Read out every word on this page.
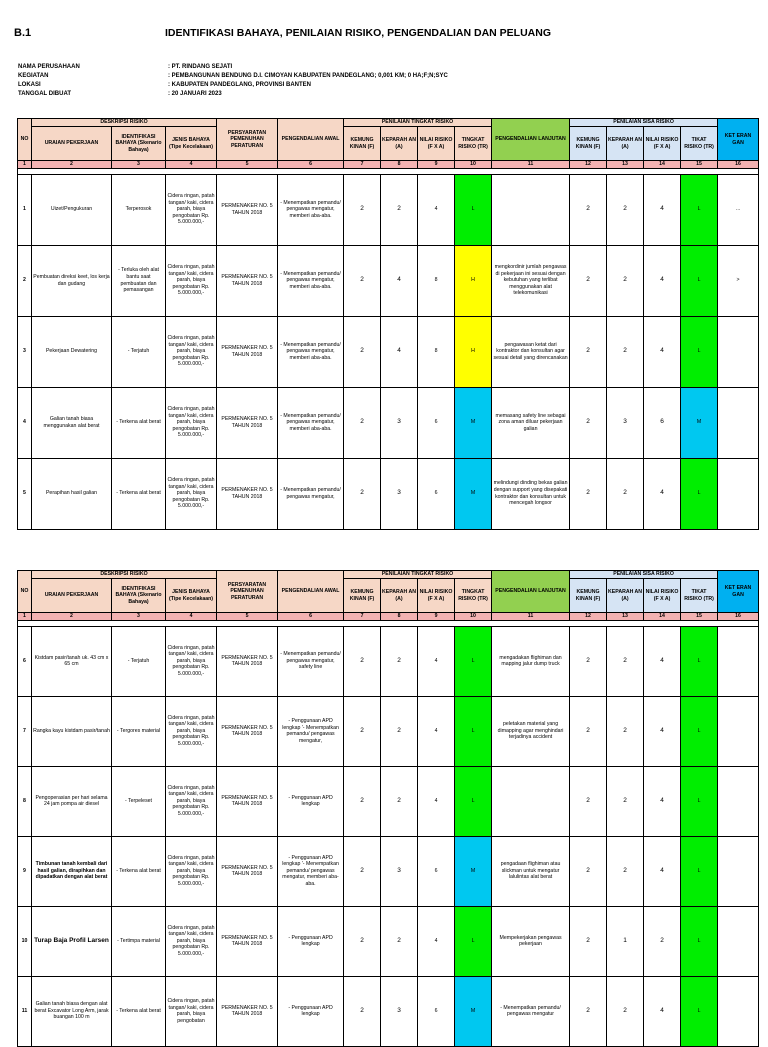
B.1	IDENTIFIKASI BAHAYA, PENILAIAN RISIKO, PENGENDALIAN DAN PELUANG
NAMA PERUSAHAAN	: PT. RINDANG SEJATI
KEGIATAN	: PEMBANGUNAN BENDUNG D.I. CIMOYAN KABUPATEN PANDEGLANG; 0,001 KM; 0 HA;F;N;SYC
LOKASI	: KABUPATEN PANDEGLANG, PROVINSI BANTEN
TANGGAL DIBUAT	: 20 JANUARI 2023
NO	DESKRIPSI RISIKO			PERSYARATAN PEMENUHAN PERATURAN	PENGENDALIAN AWAL	PENILAIAN TINGKAT RISIKO				PENGENDALIAN LANJUTAN	PENILAIAN SISA RISIKO				KET ERAN GAN
	URAIAN PEKERJAAN	IDENTIFIKASI BAHAYA (Skenario Bahaya)	JENIS BAHAYA (Tipe Kecelakaan)			KEMUNG KINAN (F)	KEPARAH AN (A)	NILAI RISIKO (F X A)	TINGKAT RISIKO (TR)		KEMUNG KINAN (F)	KEPARAH AN (A)	NILAI RISIKO (F X A)	TIKAT RISIKO (TR)	
1	2	3	4	5	6	7	8	9	10	11	12	13	14	15	16

1	Uizet/Pengukuran	Terperosok	Cidera ringan, patah tangan/ kaki, cidera parah, biaya pengobatan Rp. 5.000.000,-	PERMENAKER NO. 5 TAHUN 2018	- Menempatkan pemandu/ pengawas mengatur, memberi aba-aba.	2	2	4	L		2	2	4	L	...
2	Pembuatan direksi keet, los kerja dan gudang	- Terluka oleh alat bantu saat pembuatan dan pemasangan	Cidera ringan, patah tangan/ kaki, cidera parah, biaya pengobatan Rp. 5.000.000,-	PERMENAKER NO. 5 TAHUN 2018	- Menempatkan pemandu/ pengawas mengatur, memberi aba-aba.	2	4	8	H	mengkordinir jumlah pengawas di pekerjaan ini sesuai dengan kebutuhan yang terlibat menggunakan alat telekomunikasi	2	2	4	L	>
3	Pekerjaan Dewatering	- Terjatuh	Cidera ringan, patah tangan/ kaki, cidera parah, biaya pengobatan Rp. 5.000.000,-	PERMENAKER NO. 5 TAHUN 2018	- Menempatkan pemandu/ pengawas mengatur, memberi aba-aba.	2	4	8	H	pengawasan ketat dari kontraktor dan konsultan agar sesuai detail yang direncanakan	2	2	4	L	
4	Galian tanah biasa menggunakan alat berat	- Terkena alat berat	Cidera ringan, patah tangan/ kaki, cidera parah, biaya pengobatan Rp. 5.000.000,-	PERMENAKER NO. 5 TAHUN 2018	- Menempatkan pemandu/ pengawas mengatur, memberi aba-aba.	2	3	6	M	memasang safety line sebagai zona aman diluar pekerjaan galian	2	3	6	M	
5	Perapihan hasil galian	- Terkena alat berat	Cidera ringan, patah tangan/ kaki, cidera parah, biaya pengobatan Rp. 5.000.000,-	PERMENAKER NO. 5 TAHUN 2018	- Menempatkan pemandu/ pengawas mengatur,	2	3	6	M	melindungi dinding bekas galian dengan support yang disepakati kontraktor dan konsultan untuk mencegah longsor	2	2	4	L	
NO	DESKRIPSI RISIKO			PERSYARATAN PEMENUHAN PERATURAN	PENGENDALIAN AWAL	PENILAIAN TINGKAT RISIKO				PENGENDALIAN LANJUTAN	PENILAIAN SISA RISIKO				KET ERAN GAN
	URAIAN PEKERJAAN	IDENTIFIKASI BAHAYA (Skenario Bahaya)	JENIS BAHAYA (Tipe Kecelakaan)			KEMUNG KINAN (F)	KEPARAH AN (A)	NILAI RISIKO (F X A)	TINGKAT RISIKO (TR)		KEMUNG KINAN (F)	KEPARAH AN (A)	NILAI RISIKO (F X A)	TIKAT RISIKO (TR)	
1	2	3	4	5	6	7	8	9	10	11	12	13	14	15	16

6	Kistdam pasir/tanah uk. 43 cm x 65 cm	- Terjatuh	Cidera ringan, patah tangan/ kaki, cidera parah, biaya pengobatan Rp. 5.000.000,-	PERMENAKER NO. 5 TAHUN 2018	- Menempatkan pemandu/ pengawas mengatur, safety line	2	2	4	L	mengadakan flighiman dan mapping jalur dump truck	2	2	4	L	
7	Rangka kayu kistdam pasir/tanah	- Tergores material	Cidera ringan, patah tangan/ kaki, cidera parah, biaya pengobatan Rp. 5.000.000,-	PERMENAKER NO. 5 TAHUN 2018	- Penggunaan APD lengkap '- Menempatkan pemandu/ pengawas mengatur,	2	2	4	L	peletakan material yang dimapping agar menghindari terjadinya accident	2	2	4	L	
8	Pengoperasian per hari selama 24 jam pompa air diesel	- Terpeleset	Cidera ringan, patah tangan/ kaki, cidera parah, biaya pengobatan Rp. 5.000.000,-	PERMENAKER NO. 5 TAHUN 2018	- Penggunaan APD lengkap	2	2	4	L		2	2	4	L	
9	Timbunan tanah kembali dari hasil galian, dirapihkan dan dipadatkan dengan alat berat	- Terkena alat berat	Cidera ringan, patah tangan/ kaki, cidera parah, biaya pengobatan Rp. 5.000.000,-	PERMENAKER NO. 5 TAHUN 2018	- Penggunaan APD lengkap '- Menempatkan pemandu/ pengawas mengatur, memberi aba-aba.	2	3	6	M	pengadaan flighiman atau slickman untuk mengatur lalulintas alat berat	2	2	4	L	
10	Turap Baja Profil Larsen	- Tertimpa material	Cidera ringan, patah tangan/ kaki, cidera parah, biaya pengobatan Rp. 5.000.000,-	PERMENAKER NO. 5 TAHUN 2018	- Penggunaan APD lengkap	2	2	4	L	Mempekerjakan pengawas pekerjaan	2	1	2	L	
11	Galian tanah biasa dengan alat berat Excavator Long Arm, jarak buangan 100 m	- Terkena alat berat	Cidera ringan, patah tangan/ kaki, cidera parah, biaya pengobatan	PERMENAKER NO. 5 TAHUN 2018	- Penggunaan APD lengkap	2	3	6	M	- Menempatkan pemandu/ pengawas mengatur	2	2	4	L	
